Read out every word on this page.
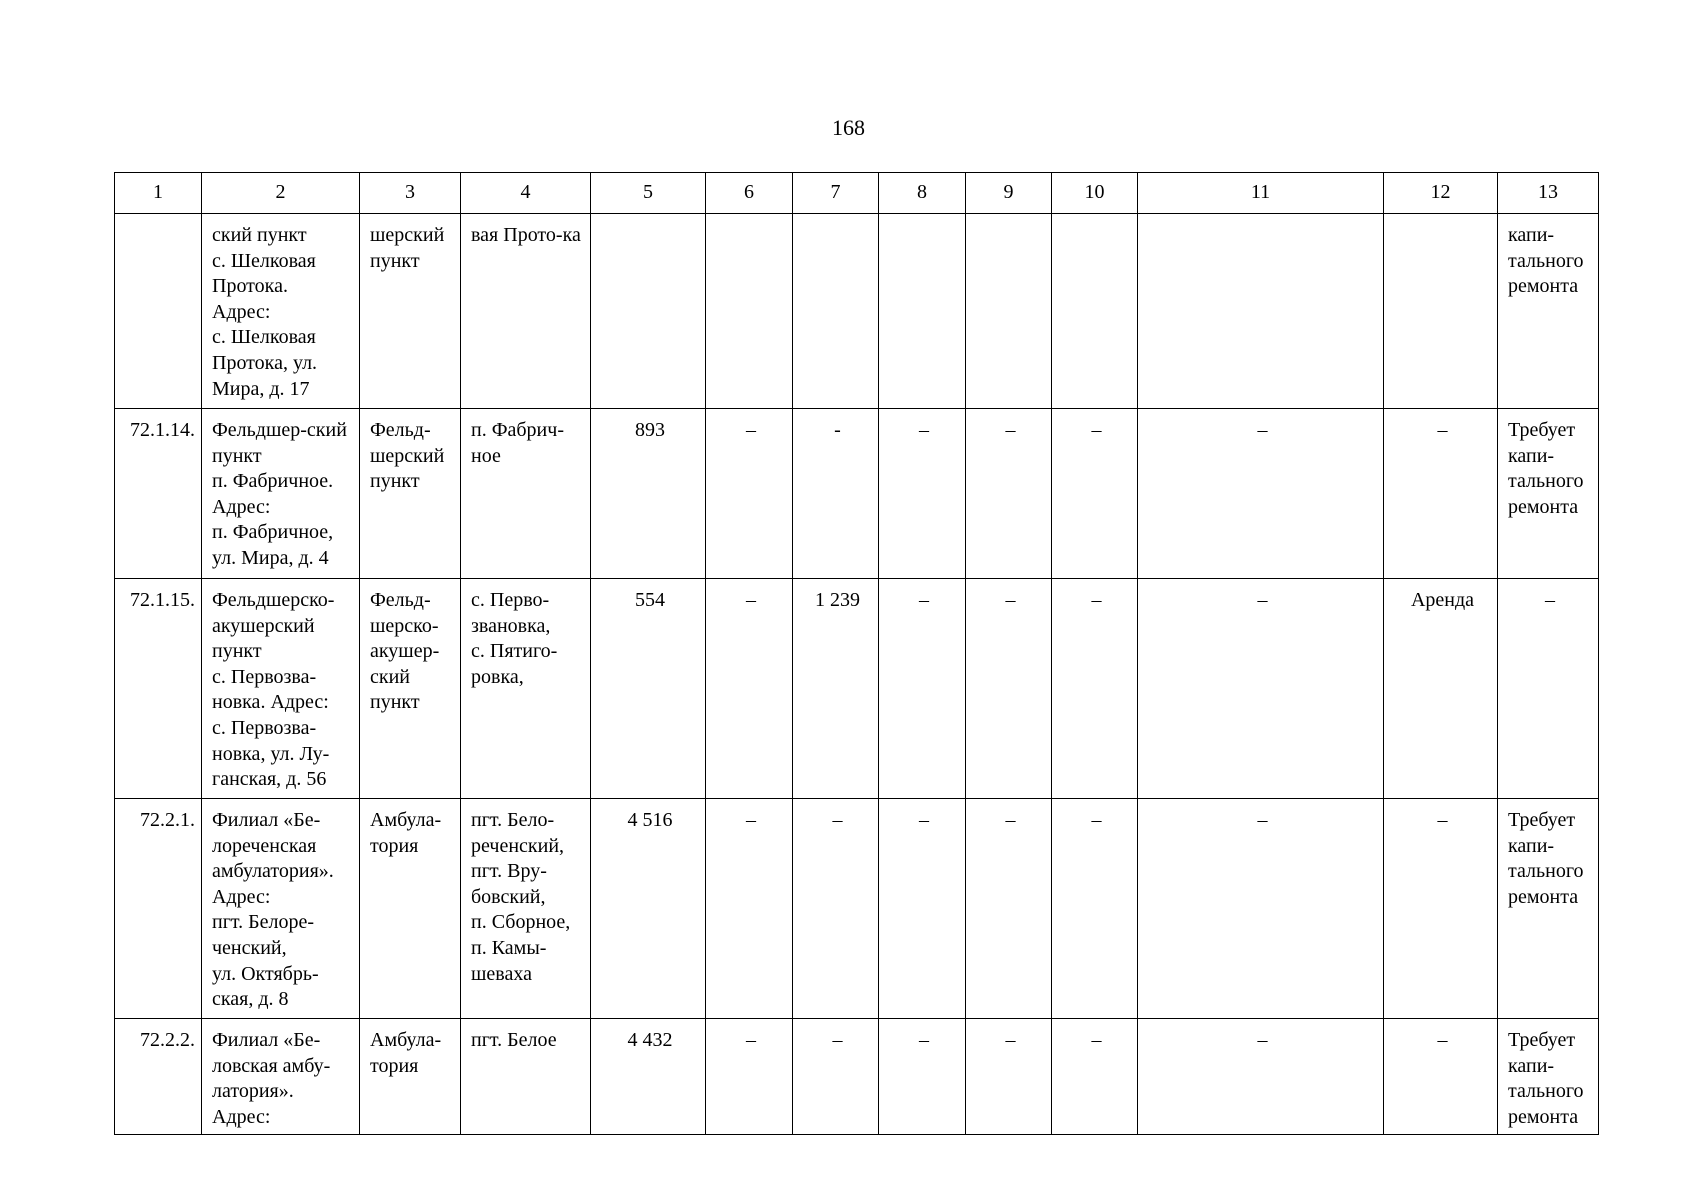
168
1	2	3	4	5	6	7	8	9	10	11	12	13
	ский пункт
с. Шелковая Протока.
Адрес:
с. Шелковая Протока, ул. Мира, д. 17	шерский пункт	вая Прото-ка									капи-тального ремонта
72.1.14.	Фельдшер-ский пункт
п. Фабричное. Адрес:
п. Фабричное, ул. Мира, д. 4	Фельд-шерский пункт	п. Фабрич-ное	893	–	-	–	–	–	–	–	Требует капи-тального ремонта
72.1.15.	Фельдшерско-акушерский пункт
с. Первозва-новка. Адрес:
с. Первозва-новка, ул. Лу-ганская, д. 56	Фельд-шерско-акушер-ский пункт	с. Перво-звановка,
с. Пятиго-ровка,	554	–	1 239	–	–	–	–	Аренда	–
72.2.1.	Филиал «Бе-лореченская амбулатория». Адрес:
пгт. Белоре-ченский,
ул. Октябрь-ская, д. 8	Амбула-тория	пгт. Бело-реченский,
пгт. Вру-бовский,
п. Сборное,
п. Камы-шеваха	4 516	–	–	–	–	–	–	–	Требует капи-тального ремонта
72.2.2.	Филиал «Бе-ловская амбу-латория». Адрес:	Амбула-тория	пгт. Белое	4 432	–	–	–	–	–	–	–	Требует капи-тального ремонта
